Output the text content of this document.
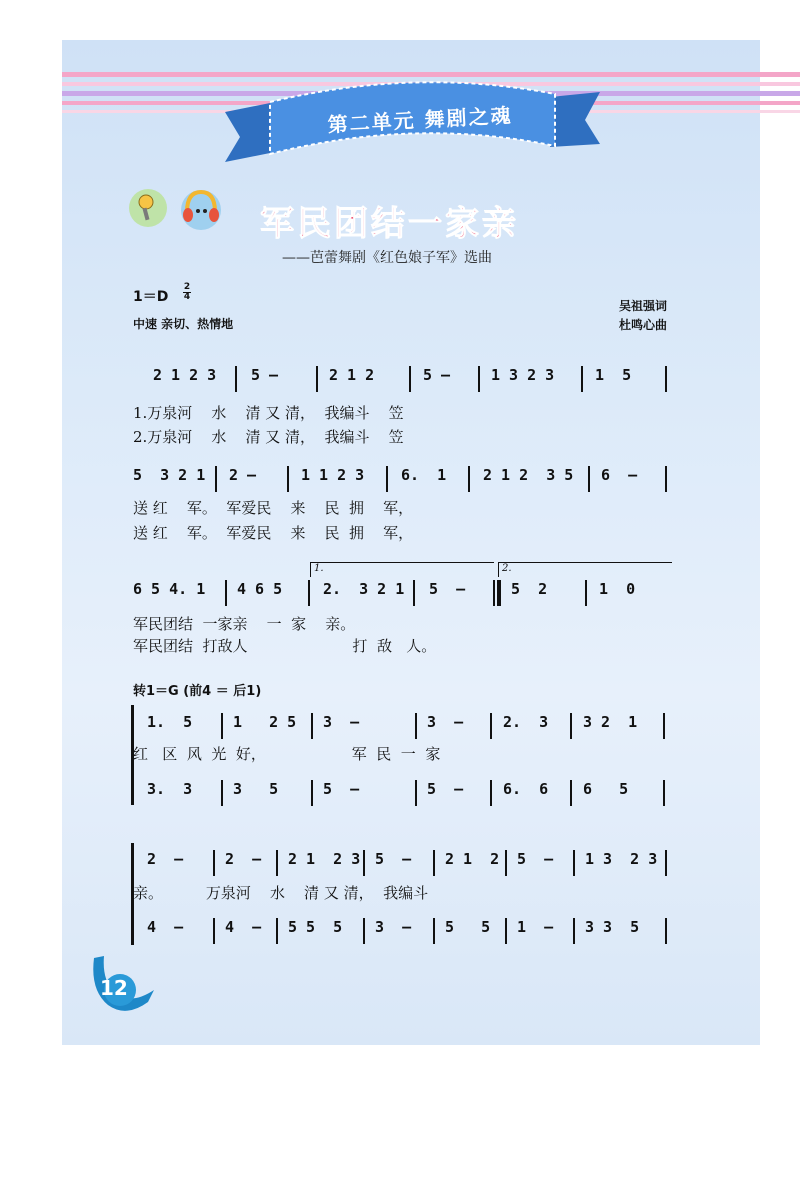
第二单元 舞剧之魂
军民团结一家亲
——芭蕾舞剧《红色娘子军》选曲
1＝D
2
4
中速 亲切、热情地
吴祖强词
杜鸣心曲

2 1 2 3

5 –

	2 1 2

	5 –

	1 3 2 3

	1  5

1.万泉河    水    清 又 清，  我编斗    笠
2.万泉河    水    清 又 清，  我编斗    笠

5  3 2 1

2 –

	1 1 2 3

6.  1

2 1 2  3 5

6  –

送 红    军。  军爱民    来    民  拥    军，
送 红    军。  军爱民    来    民  拥    军，
1.	2.

6 5 4. 1

4 6 5

	2.  3 2 1

5  –

	5  2

	1  0

军民团结  一家亲    一  家    亲。
军民团结  打敌人                      打  敌   人。
转1＝G (前4 ＝ 后1)

1.  5

	1   2 5

3  –

	3  –

	2.  3

3 2  1

红   区  风  光  好，                  军  民  一  家

3.  3

	3   5

	5  –

	5  –

	6.  6

6   5

2  –

	2  –

2 1  2 3

5  –

2 1  2

5  –

1 3  2 3

亲。         万泉河    水    清 又 清，  我编斗

4  –

	4  –

5 5  5

3  –

5   5

1  –

3 3  5

12
